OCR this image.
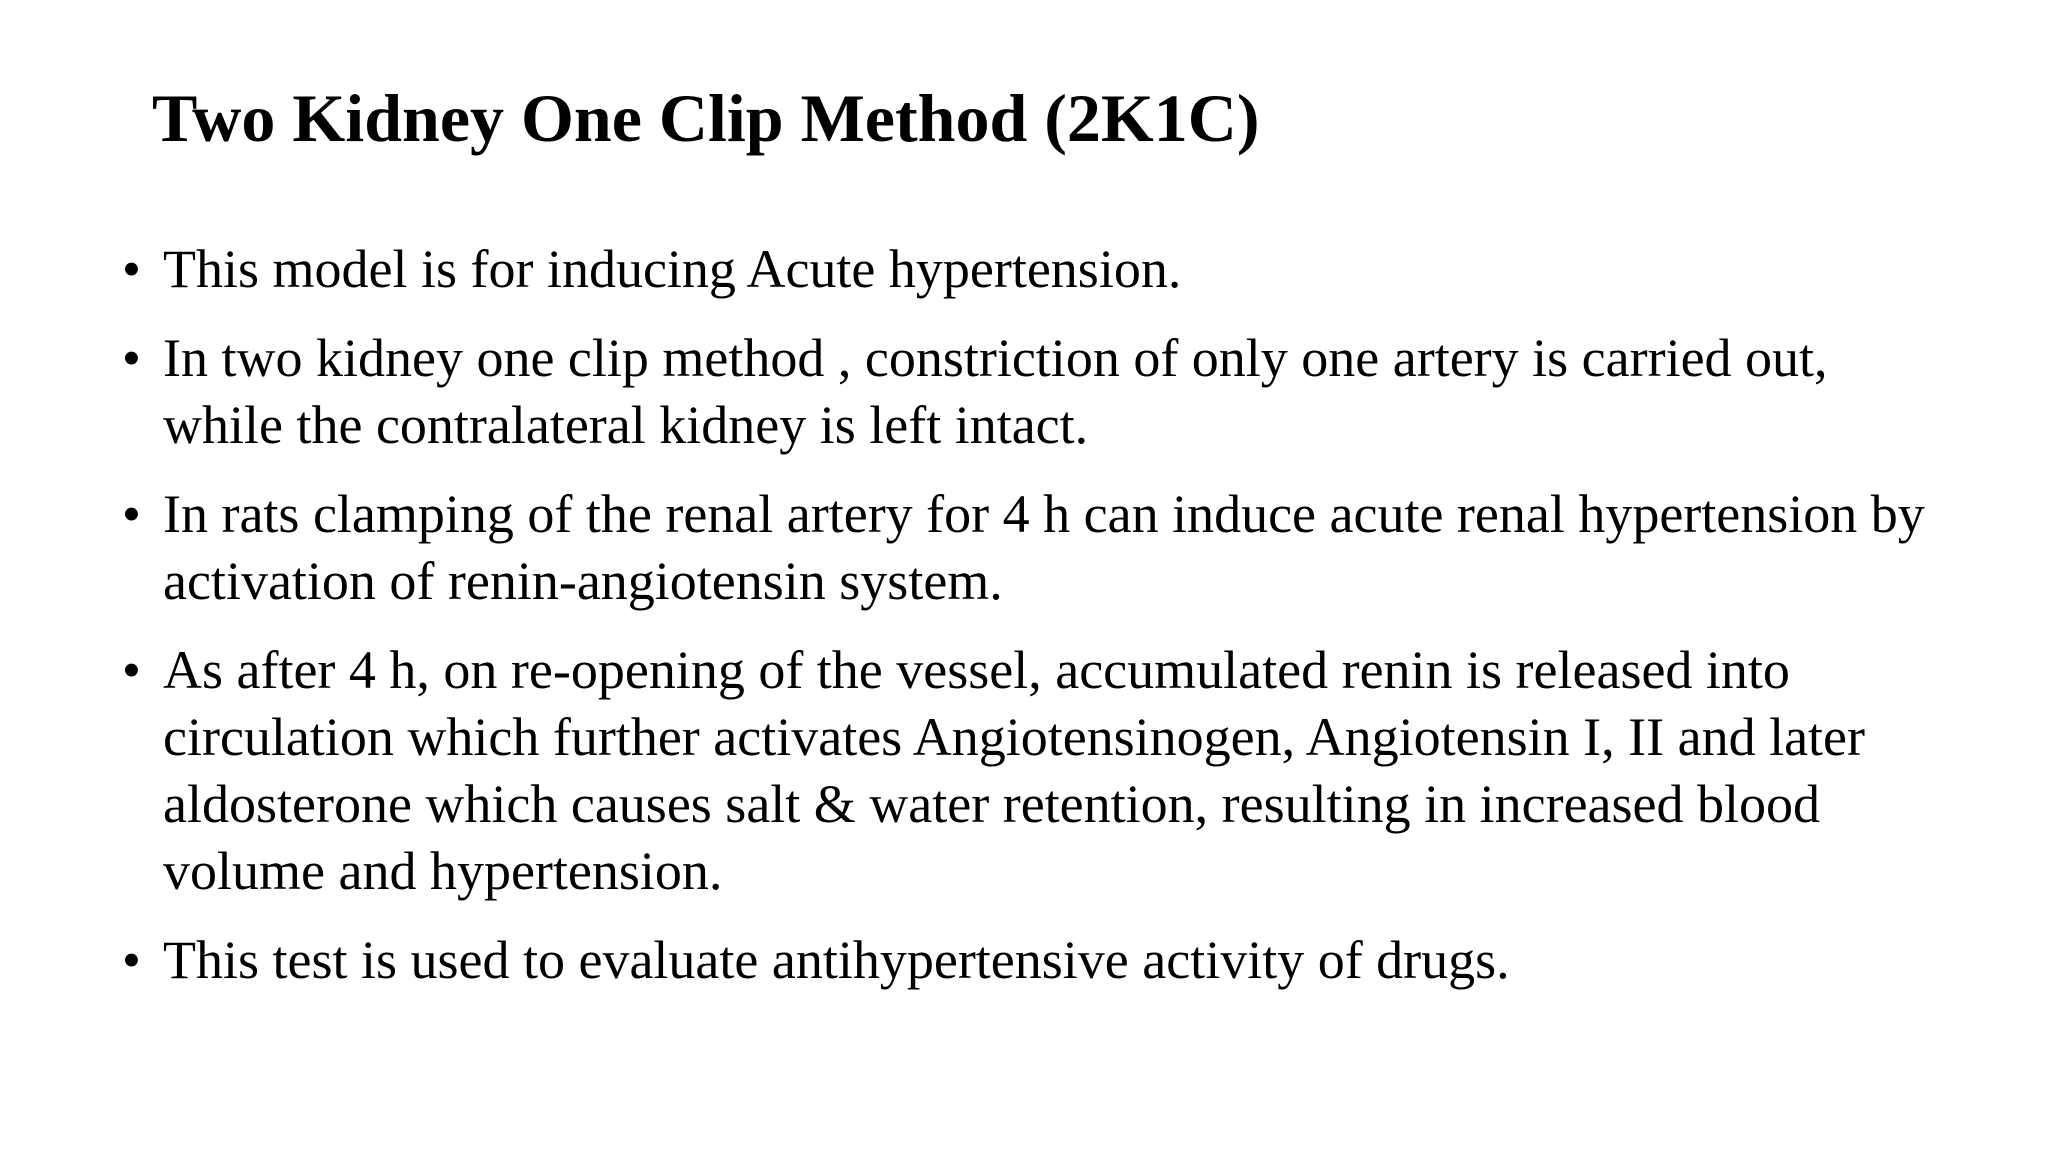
Two Kidney One Clip Method (2K1C)
• This model is for inducing Acute hypertension.
• In two kidney one clip method , constriction of only one artery is carried out, while the contralateral kidney is left intact.
• In rats clamping of the renal artery for 4 h can induce acute renal hypertension by activation of renin-angiotensin system.
• As after 4 h, on re-opening of the vessel, accumulated renin is released into circulation which further activates Angiotensinogen, Angiotensin I, II and later aldosterone which causes salt & water retention, resulting in increased blood volume and hypertension.
• This test is used to evaluate antihypertensive activity of drugs.
